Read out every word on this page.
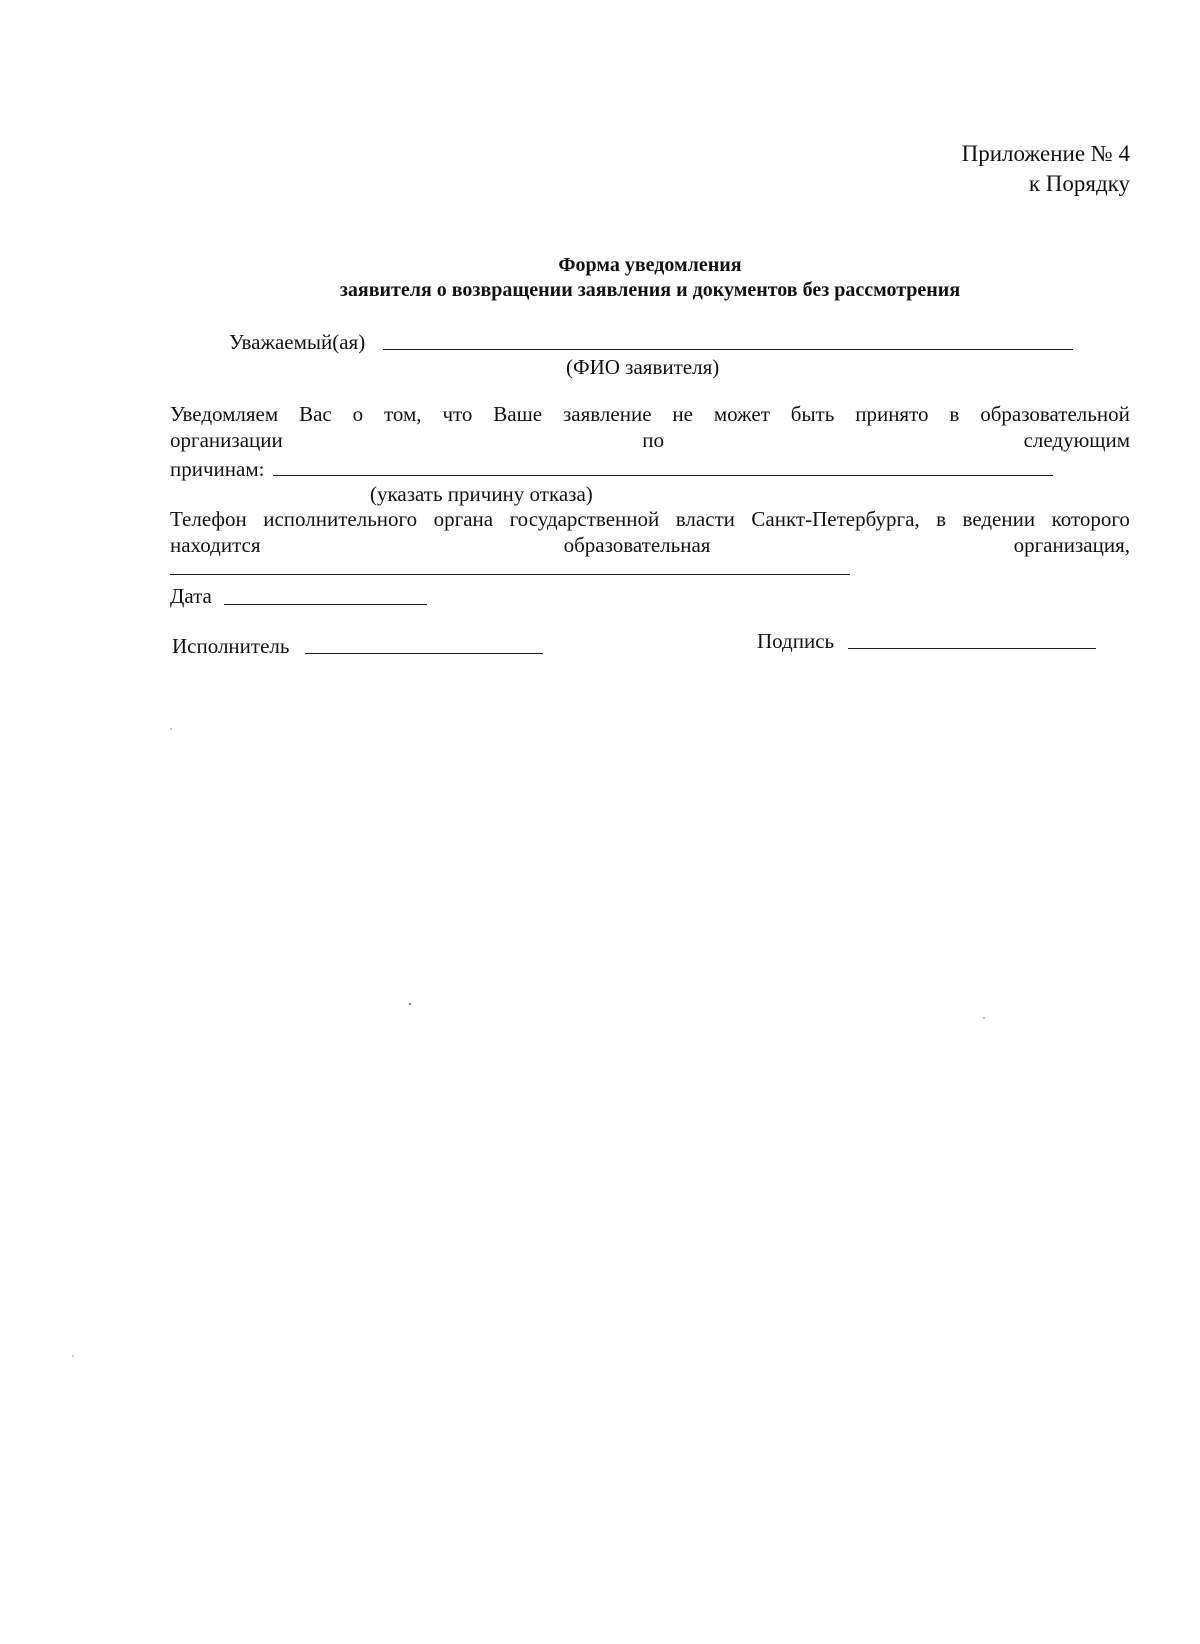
Приложение № 4
к Порядку
Форма уведомления
заявителя о возвращении заявления и документов без рассмотрения
Уважаемый(ая)
(ФИО заявителя)
Уведомляем Вас о том, что Ваше заявление не может быть принято в образовательной
организации	по	следующим
причинам:
(указать причину отказа)
Телефон исполнительного органа государственной власти Санкт-Петербурга, в ведении которого
находится	образовательная	организация,
Дата
Исполнитель	Подпись
